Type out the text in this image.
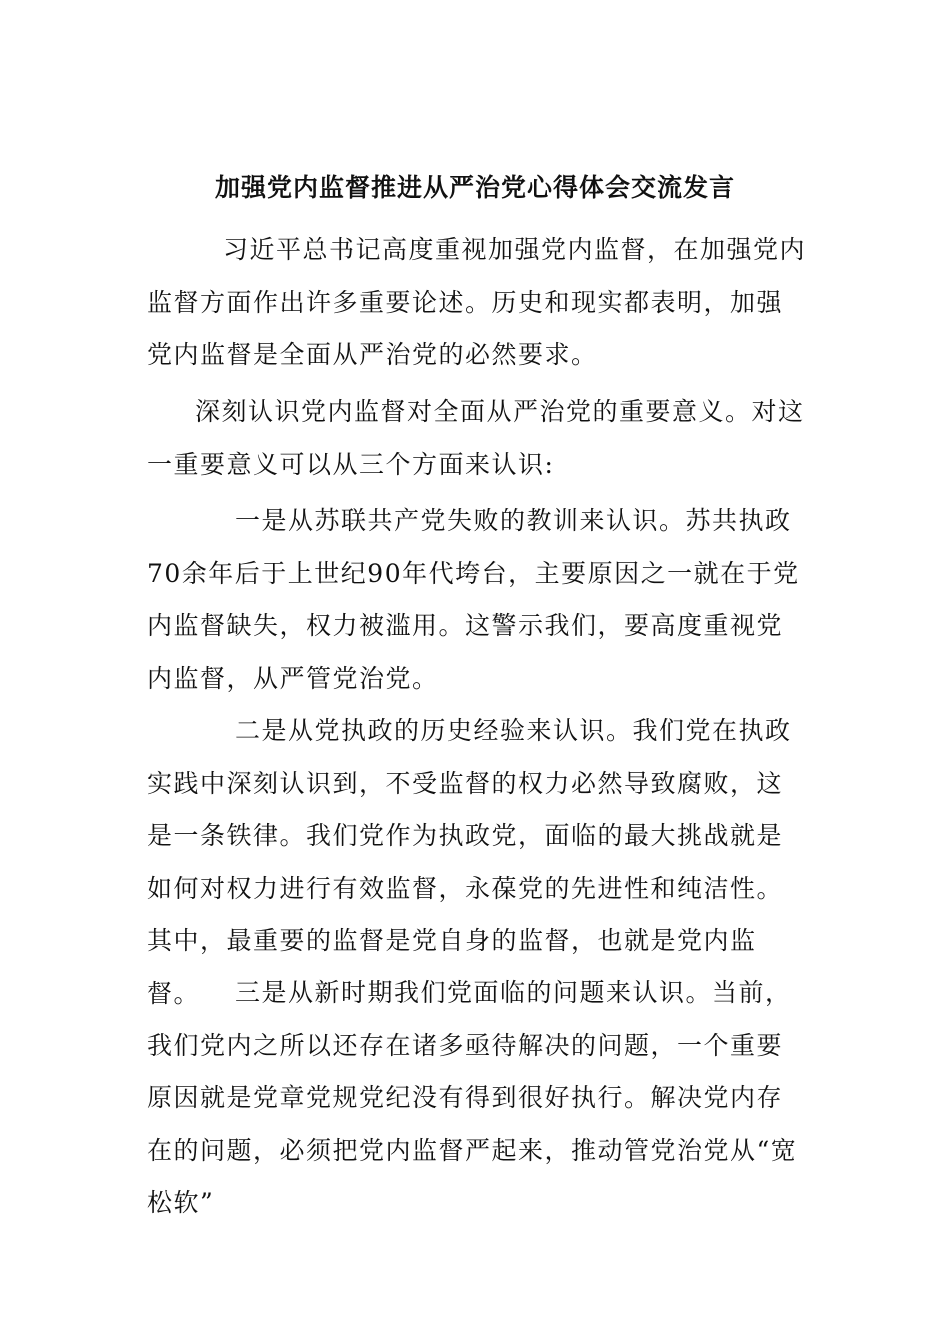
加强党内监督推进从严治党心得体会交流发言

习近平总书记高度重视加强党内监督，在加强党内监督方面作出许多重要论述。历史和现实都表明，加强党内监督是全面从严治党的必然要求。

深刻认识党内监督对全面从严治党的重要意义。对这一重要意义可以从三个方面来认识:

一是从苏联共产党失败的教训来认识。苏共执政70余年后于上世纪90年代垮台，主要原因之一就在于党内监督缺失，权力被滥用。这警示我们，要高度重视党内监督，从严管党治党。

二是从党执政的历史经验来认识。我们党在执政实践中深刻认识到，不受监督的权力必然导致腐败，这是一条铁律。我们党作为执政党，面临的最大挑战就是如何对权力进行有效监督，永葆党的先进性和纯洁性。其中，最重要的监督是党自身的监督，也就是党内监督。	三是从新时期我们党面临的问题来认识。当前，我们党内之所以还存在诸多亟待解决的问题，一个重要原因就是党章党规党纪没有得到很好执行。解决党内存在的问题，必须把党内监督严起来，推动管党治党从“宽松软”
